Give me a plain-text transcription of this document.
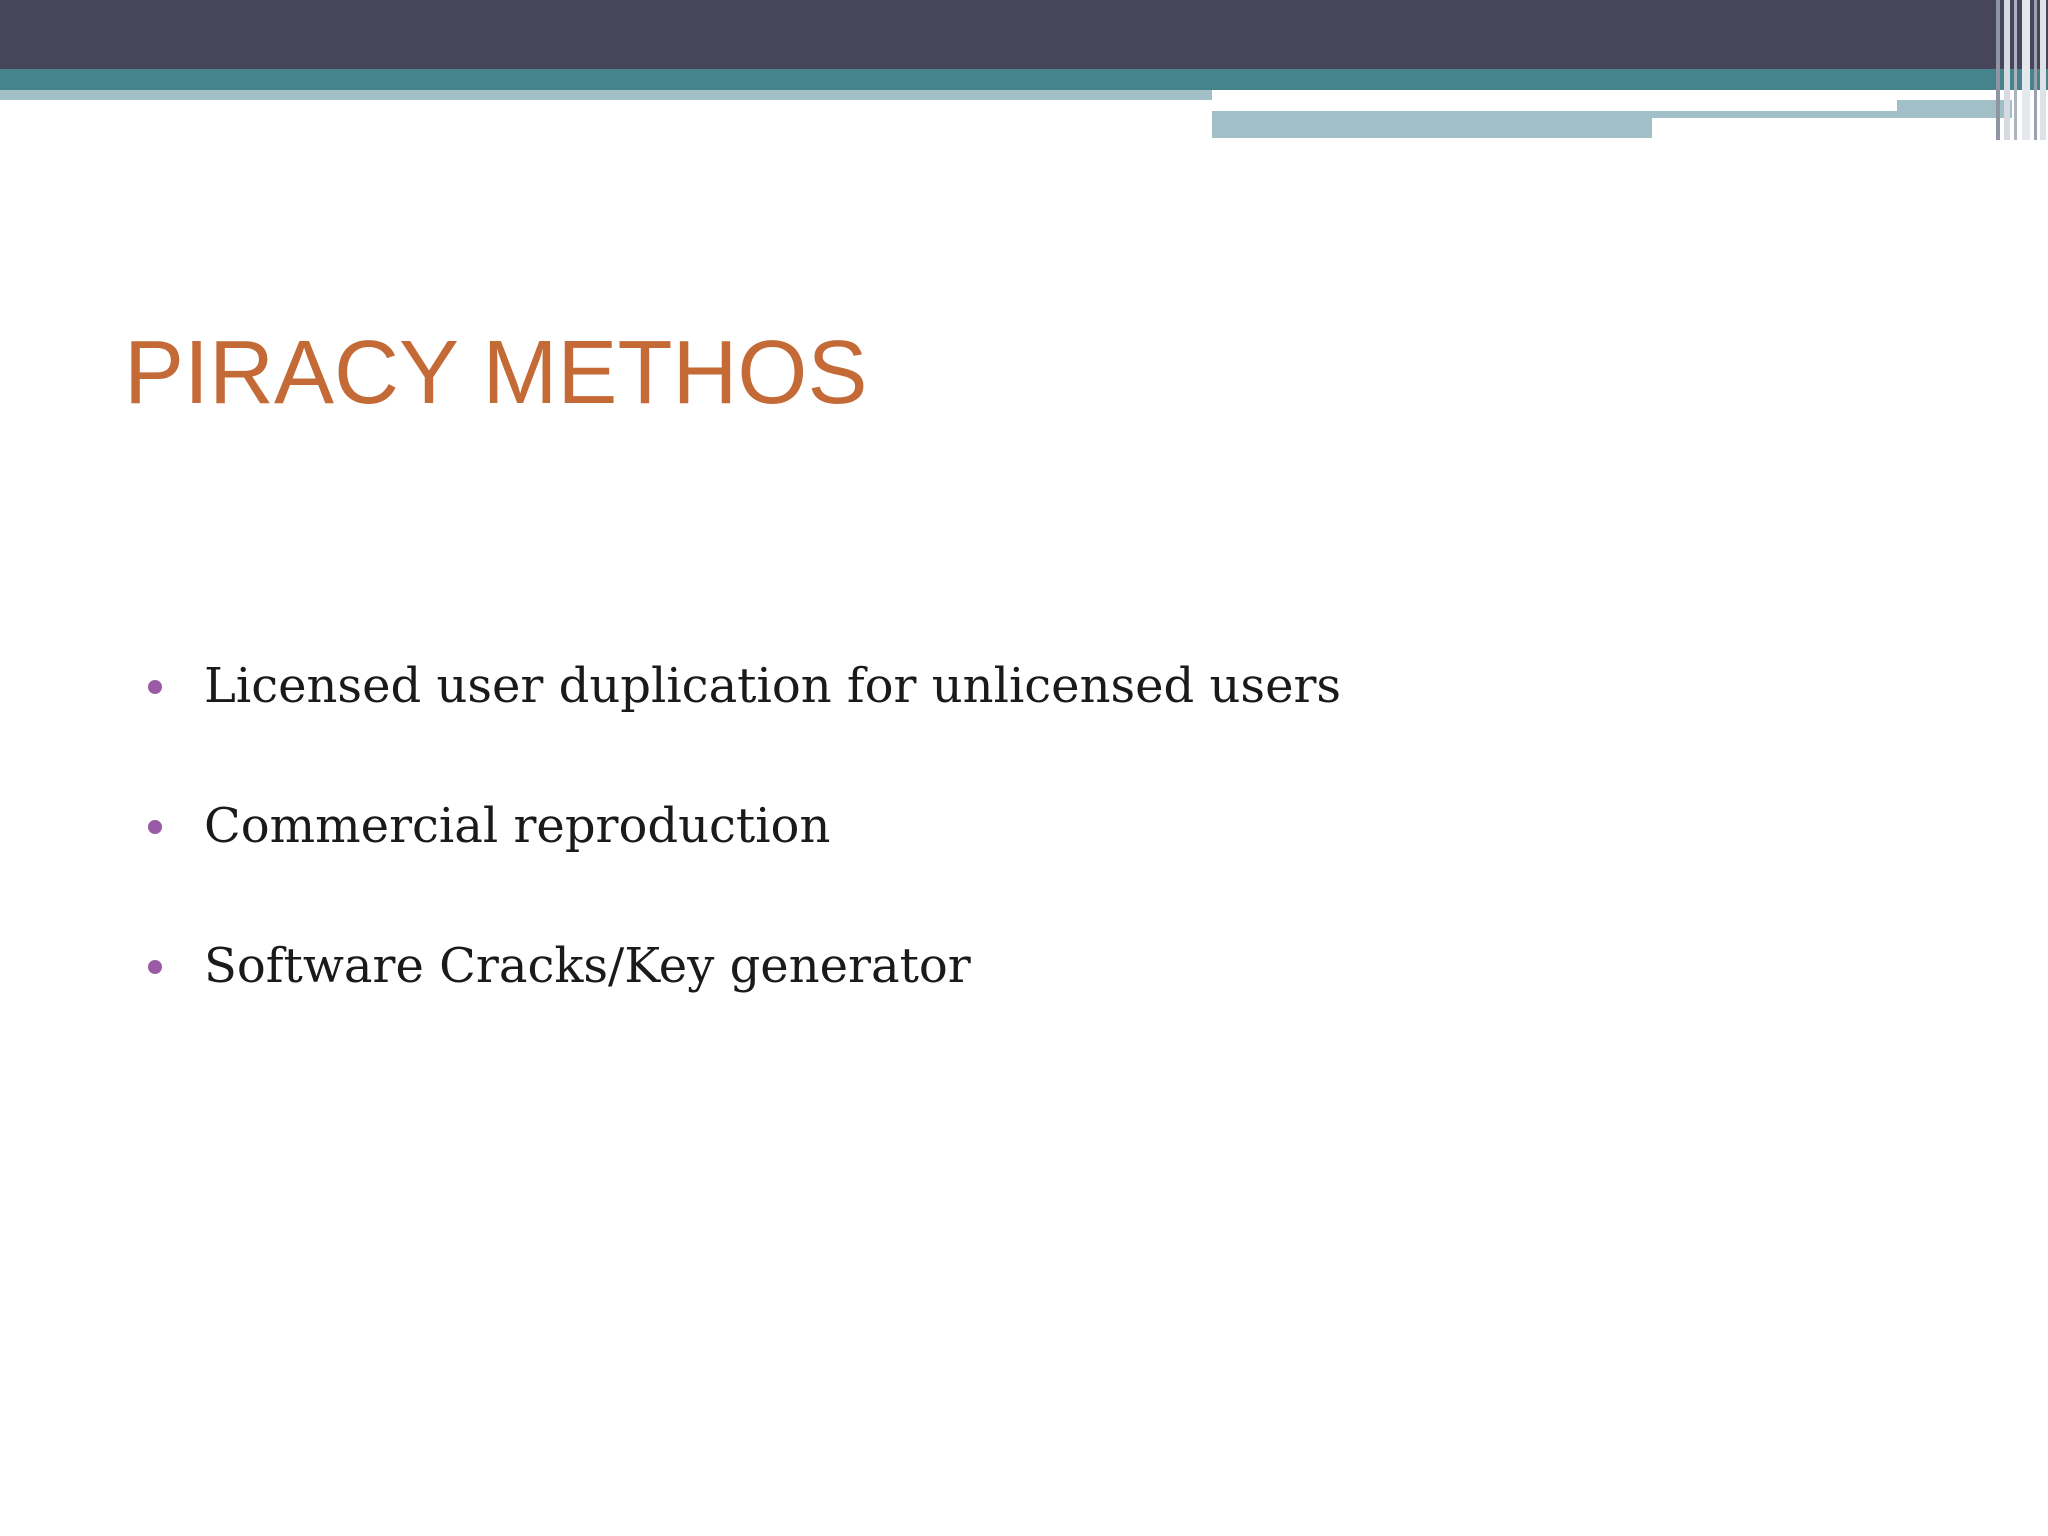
PIRACY METHOS
Licensed user duplication for unlicensed users
Commercial reproduction
Software Cracks/Key generator
